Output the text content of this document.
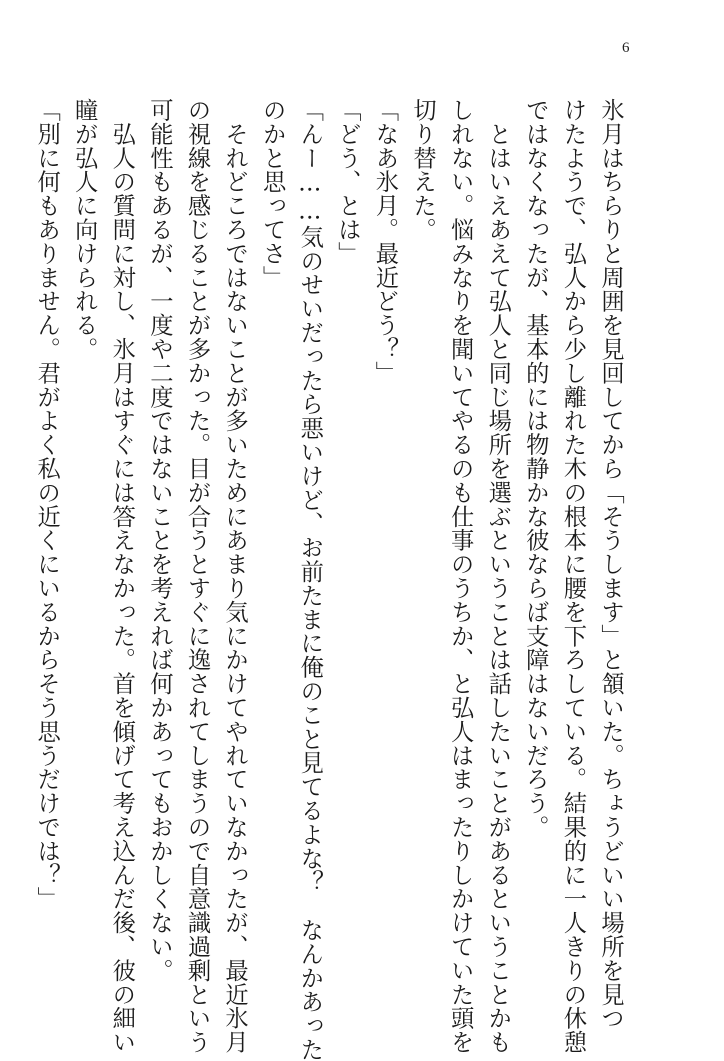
6
氷月はちらりと周囲を見回してから「そうします」と頷いた。ちょうどいい場所を見つ
けたようで、弘人から少し離れた木の根本に腰を下ろしている。結果的に一人きりの休憩
ではなくなったが、基本的には物静かな彼ならば支障はないだろう。
　とはいえあえて弘人と同じ場所を選ぶということは話したいことがあるということかも
しれない。悩みなりを聞いてやるのも仕事のうちか、と弘人はまったりしかけていた頭を
切り替えた。
「なあ氷月。最近どう？」
「どう、とは」
「んー……気のせいだったら悪いけど、お前たまに俺のこと見てるよな？　なんかあった
のかと思ってさ」
　それどころではないことが多いためにあまり気にかけてやれていなかったが、最近氷月
の視線を感じることが多かった。目が合うとすぐに逸されてしまうので自意識過剰という
可能性もあるが、一度や二度ではないことを考えれば何かあってもおかしくない。
　弘人の質問に対し、氷月はすぐには答えなかった。首を傾げて考え込んだ後、彼の細い
瞳が弘人に向けられる。
「別に何もありません。君がよく私の近くにいるからそう思うだけでは？」
